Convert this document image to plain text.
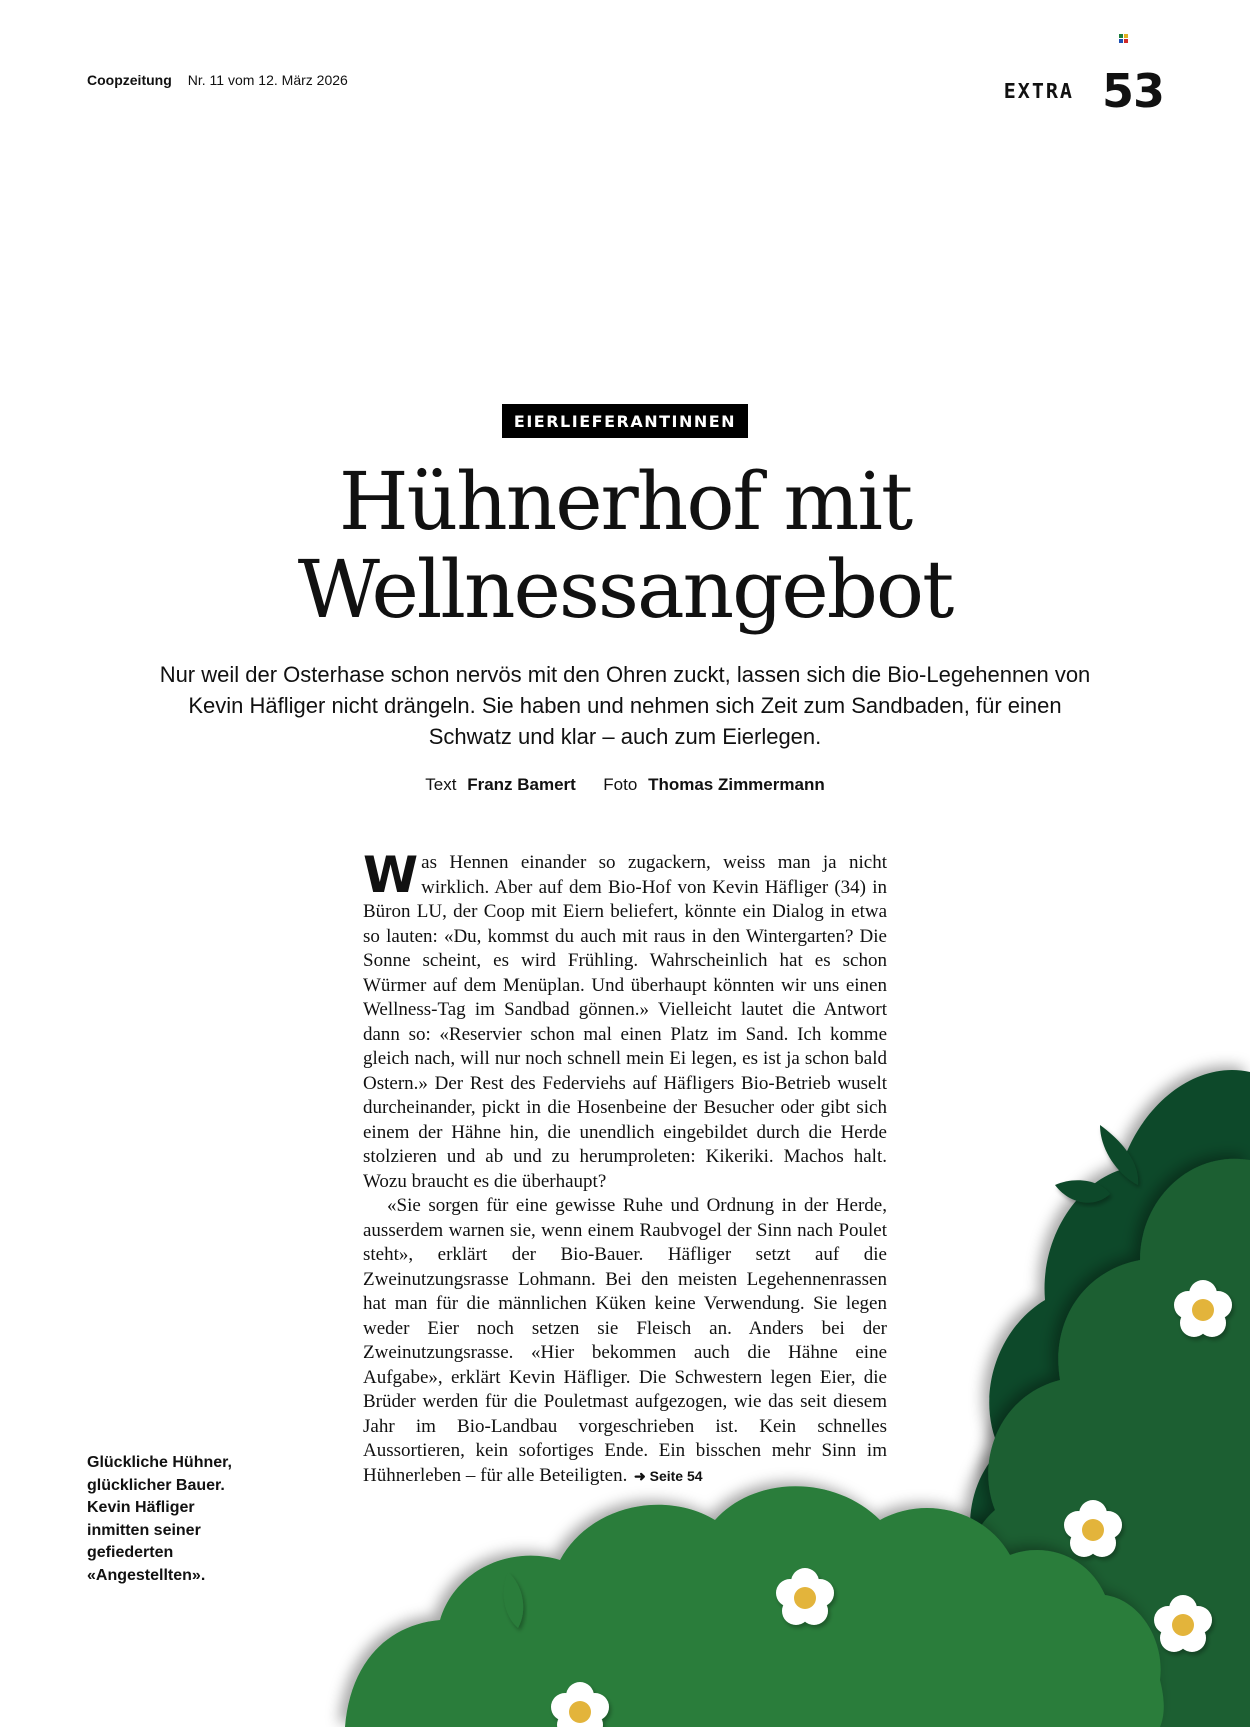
Coopzeitung Nr. 11 vom 12. März 2026	EXTRA 53
EIERLIEFERANTINNEN
Hühnerhof mit
Wellnessangebot

Nur weil der Osterhase schon nervös mit den Ohren zuckt, lassen sich die Bio-Legehennen von Kevin Häfliger nicht drängeln. Sie haben und nehmen sich Zeit zum Sandbaden, für einen Schwatz und klar – auch zum Eierlegen.

Text Franz Bamert Foto Thomas Zimmermann

Was Hennen einander so zugackern, weiss man ja nicht wirklich. Aber auf dem Bio-Hof von Kevin Häfliger (34) in Büron LU, der Coop mit Eiern beliefert, könnte ein Dialog in etwa so lauten: «Du, kommst du auch mit raus in den Wintergarten? Die Sonne scheint, es wird Frühling. Wahrscheinlich hat es schon Würmer auf dem Menüplan. Und überhaupt könnten wir uns einen Wellness-Tag im Sandbad gönnen.» Vielleicht lautet die Antwort dann so: «Reservier schon mal einen Platz im Sand. Ich komme gleich nach, will nur noch schnell mein Ei legen, es ist ja schon bald Ostern.» Der Rest des Federviehs auf Häfligers Bio-Betrieb wuselt durcheinander, pickt in die Hosenbeine der Besucher oder gibt sich einem der Hähne hin, die unendlich eingebildet durch die Herde stolzieren und ab und zu herumproleten: Kikeriki. Machos halt. Wozu braucht es die überhaupt?

«Sie sorgen für eine gewisse Ruhe und Ordnung in der Herde, ausserdem warnen sie, wenn einem Raubvogel der Sinn nach Poulet steht», erklärt der Bio-Bauer. Häfliger setzt auf die Zweinutzungsrasse Lohmann. Bei den meisten Legehennenrassen hat man für die männlichen Küken keine Verwendung. Sie legen weder Eier noch setzen sie Fleisch an. Anders bei der Zweinutzungsrasse. «Hier bekommen auch die Hähne eine Aufgabe», erklärt Kevin Häfliger. Die Schwestern legen Eier, die Brüder werden für die Pouletmast aufgezogen, wie das seit diesem Jahr im Bio-Landbau vorgeschrieben ist. Kein schnelles Aussortieren, kein sofortiges Ende. Ein bisschen mehr Sinn im Hühnerleben – für alle Beteiligten. ➜ Seite 54

Glückliche Hühner, glücklicher Bauer. Kevin Häfliger inmitten seiner gefiederten «Angestellten».
